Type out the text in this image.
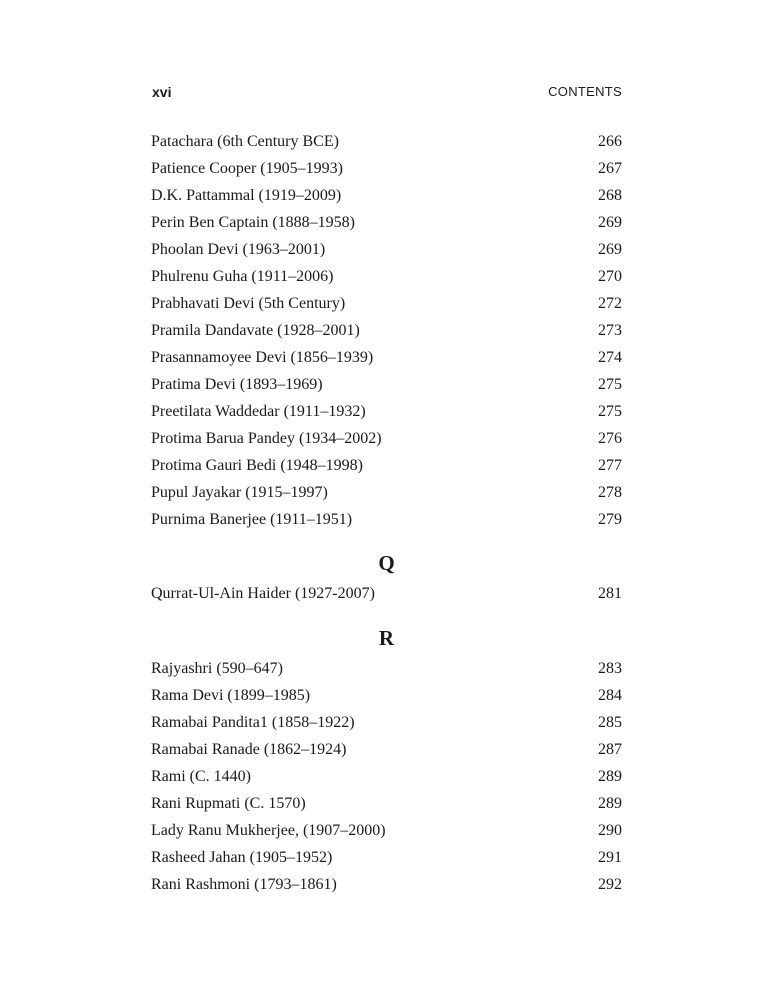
xvi	CONTENTS
Patachara (6th Century BCE)	266
Patience Cooper (1905–1993)	267
D.K. Pattammal (1919–2009)	268
Perin Ben Captain (1888–1958)	269
Phoolan Devi (1963–2001)	269
Phulrenu Guha (1911–2006)	270
Prabhavati Devi (5th Century)	272
Pramila Dandavate (1928–2001)	273
Prasannamoyee Devi (1856–1939)	274
Pratima Devi (1893–1969)	275
Preetilata Waddedar (1911–1932)	275
Protima Barua Pandey (1934–2002)	276
Protima Gauri Bedi (1948–1998)	277
Pupul Jayakar (1915–1997)	278
Purnima Banerjee (1911–1951)	279
Q
Qurrat-Ul-Ain Haider (1927-2007)	281
R
Rajyashri (590–647)	283
Rama Devi (1899–1985)	284
Ramabai Pandita1 (1858–1922)	285
Ramabai Ranade (1862–1924)	287
Rami (C. 1440)	289
Rani Rupmati (C. 1570)	289
Lady Ranu Mukherjee, (1907–2000)	290
Rasheed Jahan (1905–1952)	291
Rani Rashmoni (1793–1861)	292
